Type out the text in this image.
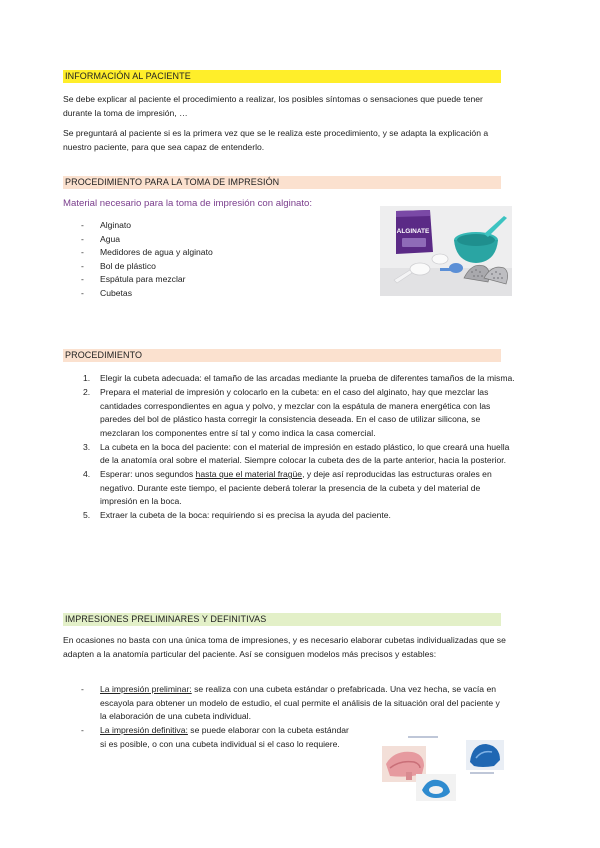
INFORMACIÓN AL PACIENTE
Se debe explicar al paciente el procedimiento a realizar, los posibles síntomas o sensaciones que puede tener durante la toma de impresión, …
Se preguntará al paciente si es la primera vez que se le realiza este procedimiento, y se adapta la explicación a nuestro paciente, para que sea capaz de entenderlo.
PROCEDIMIENTO PARA LA TOMA DE IMPRESIÓN
Material necesario para la toma de impresión con alginato:
- Alginato
- Agua
- Medidores de agua y alginato
- Bol de plástico
- Espátula para mezclar
- Cubetas
ALGINATE
PROCEDIMIENTO
1. Elegir la cubeta adecuada: el tamaño de las arcadas mediante la prueba de diferentes tamaños de la misma.
2. Prepara el material de impresión y colocarlo en la cubeta: en el caso del alginato, hay que mezclar las cantidades correspondientes en agua y polvo, y mezclar con la espátula de manera energética con las paredes del bol de plástico hasta corregir la consistencia deseada. En el caso de utilizar silicona, se mezclaran los componentes entre sí tal y como indica la casa comercial.
3. La cubeta en la boca del paciente: con el material de impresión en estado plástico, lo que creará una huella de la anatomía oral sobre el material. Siempre colocar la cubeta des de la parte anterior, hacia la posterior.
4. Esperar: unos segundos hasta que el material fragüe, y deje así reproducidas las estructuras orales en negativo. Durante este tiempo, el paciente deberá tolerar la presencia de la cubeta y del material de impresión en la boca.
5. Extraer la cubeta de la boca: requiriendo si es precisa la ayuda del paciente.
IMPRESIONES PRELIMINARES Y DEFINITIVAS
En ocasiones no basta con una única toma de impresiones, y es necesario elaborar cubetas individualizadas que se adapten a la anatomía particular del paciente. Así se consiguen modelos más precisos y estables:
- La impresión preliminar: se realiza con una cubeta estándar o prefabricada. Una vez hecha, se vacía en escayola para obtener un modelo de estudio, el cual permite el análisis de la situación oral del paciente y la elaboración de una cubeta individual.
- La impresión definitiva: se puede elaborar con la cubeta estándar si es posible, o con una cubeta individual si el caso lo requiere.
